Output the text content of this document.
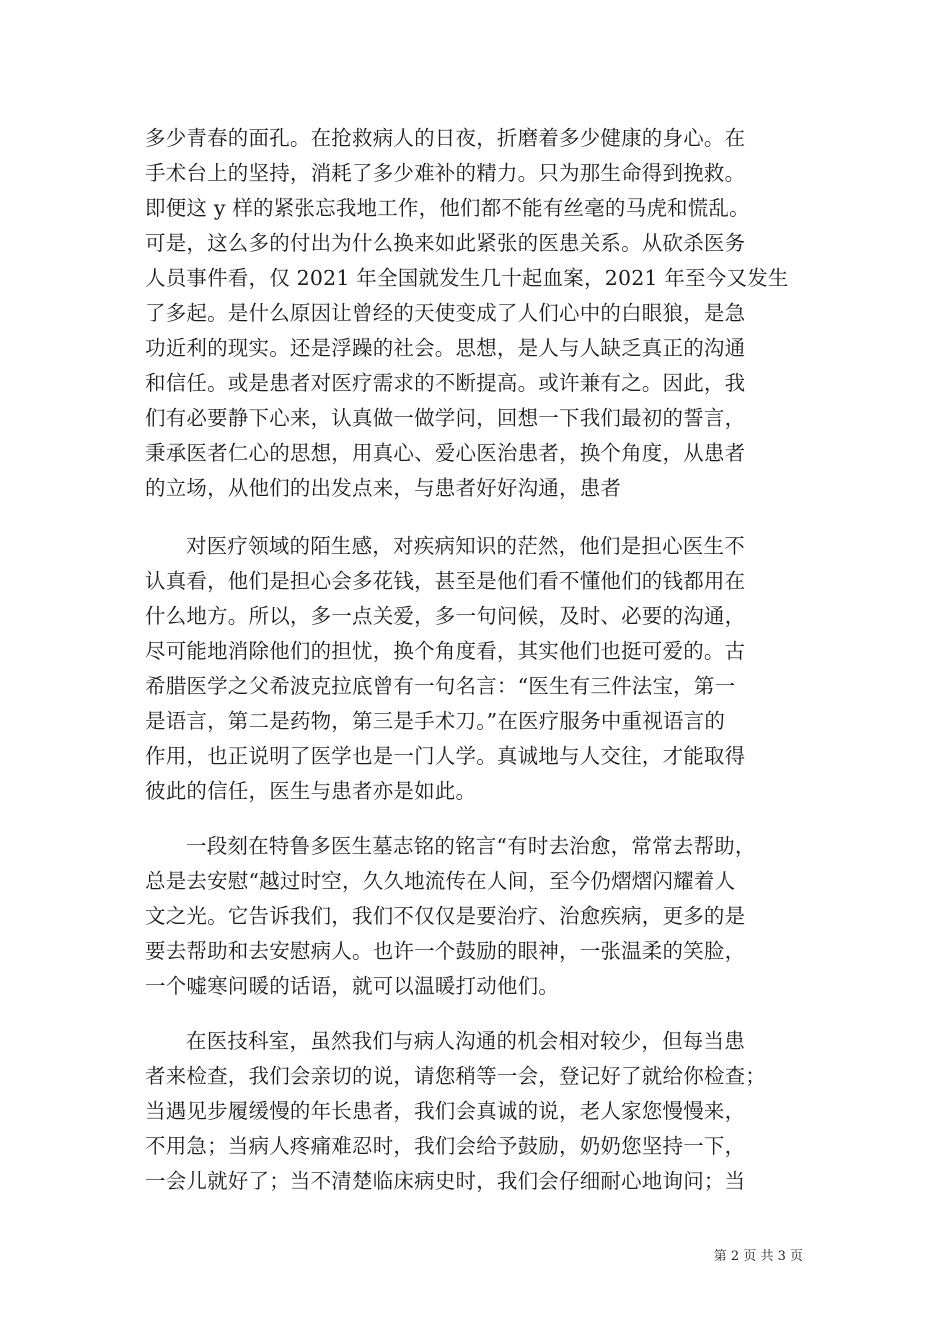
多少青春的面孔。在抢救病人的日夜，折磨着多少健康的身心。在
手术台上的坚持，消耗了多少难补的精力。只为那生命得到挽救。
即便这 y 样的紧张忘我地工作，他们都不能有丝毫的马虎和慌乱。
可是，这么多的付出为什么换来如此紧张的医患关系。从砍杀医务
人员事件看，仅 2021 年全国就发生几十起血案，2021 年至今又发生
了多起。是什么原因让曾经的天使变成了人们心中的白眼狼，是急
功近利的现实。还是浮躁的社会。思想，是人与人缺乏真正的沟通
和信任。或是患者对医疗需求的不断提高。或许兼有之。因此，我
们有必要静下心来，认真做一做学问，回想一下我们最初的誓言，
秉承医者仁心的思想，用真心、爱心医治患者，换个角度，从患者
的立场，从他们的出发点来，与患者好好沟通，患者
对医疗领域的陌生感，对疾病知识的茫然，他们是担心医生不
认真看，他们是担心会多花钱，甚至是他们看不懂他们的钱都用在
什么地方。所以，多一点关爱，多一句问候，及时、必要的沟通，
尽可能地消除他们的担忧，换个角度看，其实他们也挺可爱的。古
希腊医学之父希波克拉底曾有一句名言：“医生有三件法宝，第一
是语言，第二是药物，第三是手术刀。”在医疗服务中重视语言的
作用，也正说明了医学也是一门人学。真诚地与人交往，才能取得
彼此的信任，医生与患者亦是如此。
一段刻在特鲁多医生墓志铭的铭言“有时去治愈，常常去帮助，
总是去安慰“越过时空，久久地流传在人间，至今仍熠熠闪耀着人
文之光。它告诉我们，我们不仅仅是要治疗、治愈疾病，更多的是
要去帮助和去安慰病人。也许一个鼓励的眼神，一张温柔的笑脸，
一个嘘寒问暖的话语，就可以温暖打动他们。
在医技科室，虽然我们与病人沟通的机会相对较少，但每当患
者来检查，我们会亲切的说，请您稍等一会，登记好了就给你检查；
当遇见步履缓慢的年长患者，我们会真诚的说，老人家您慢慢来，
不用急；当病人疼痛难忍时，我们会给予鼓励，奶奶您坚持一下，
一会儿就好了；当不清楚临床病史时，我们会仔细耐心地询问；当
第 2 页 共 3 页
